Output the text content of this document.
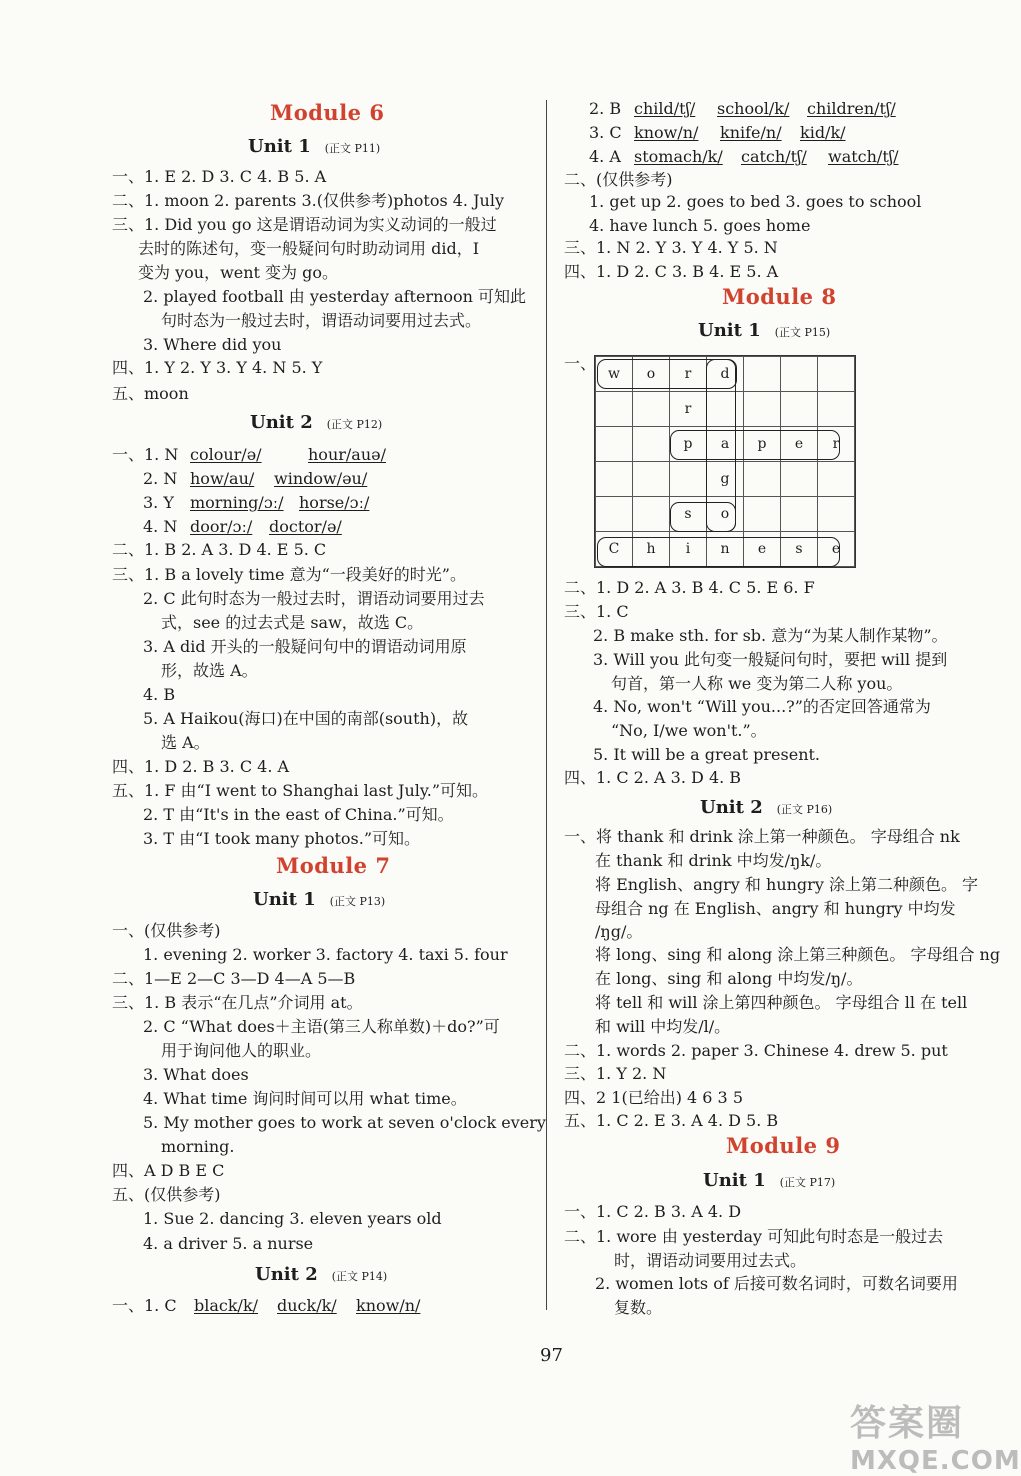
Module 6
Unit 1 (正文 P11)
一、1. E 2. D 3. C 4. B 5. A
二、1. moon 2. parents 3.(仅供参考)photos 4. July
三、1. Did you go 这是谓语动词为实义动词的一般过
去时的陈述句，变一般疑问句时助动词用 did，I
变为 you，went 变为 go。
2. played football 由 yesterday afternoon 可知此
句时态为一般过去时，谓语动词要用过去式。
3. Where did you
四、1. Y 2. Y 3. Y 4. N 5. Y
五、moon
Unit 2 (正文 P12)
一、1. N colour/ə/	hour/auə/
2. N how/au/ window/əu/
3. Y morning/ɔː/ horse/ɔː/
4. N door/ɔː/ doctor/ə/
二、1. B 2. A 3. D 4. E 5. C
三、1. B a lovely time 意为“一段美好的时光”。
2. C 此句时态为一般过去时，谓语动词要用过去
式，see 的过去式是 saw，故选 C。
3. A did 开头的一般疑问句中的谓语动词用原
形，故选 A。
4. B
5. A Haikou(海口)在中国的南部(south)，故
选 A。
四、1. D 2. B 3. C 4. A
五、1. F 由“I went to Shanghai last July.”可知。
2. T 由“It's in the east of China.”可知。
3. T 由“I took many photos.”可知。
Module 7
Unit 1 (正文 P13)
一、(仅供参考)
1. evening 2. worker 3. factory 4. taxi 5. four
二、1—E 2—C 3—D 4—A 5—B
三、1. B 表示“在几点”介词用 at。
2. C “What does＋主语(第三人称单数)＋do?”可
用于询问他人的职业。
3. What does
4. What time 询问时间可以用 what time。
5. My mother goes to work at seven o'clock every
morning.
四、A D B E C
五、(仅供参考)
1. Sue 2. dancing 3. eleven years old
4. a driver 5. a nurse
Unit 2 (正文 P14)
一、1. C black/k/ duck/k/ know/n/
2. B child/tʃ/ school/k/ children/tʃ/
3. C know/n/ knife/n/ kid/k/
4. A stomach/k/ catch/tʃ/ watch/tʃ/
二、(仅供参考)
1. get up 2. goes to bed 3. goes to school
4. have lunch 5. goes home
三、1. N 2. Y 3. Y 4. Y 5. N
四、1. D 2. C 3. B 4. E 5. A
Module 8
Unit 1 (正文 P15)
一、
w	o	r	d			
		r				
		p	a	p	e	r
			g			
		s	o			
C	h	i	n	e	s	e
二、1. D 2. A 3. B 4. C 5. E 6. F
三、1. C
2. B make sth. for sb. 意为“为某人制作某物”。
3. Will you 此句变一般疑问句时，要把 will 提到
句首，第一人称 we 变为第二人称 you。
4. No, won't “Will you...?”的否定回答通常为
“No, I/we won't.”。
5. It will be a great present.
四、1. C 2. A 3. D 4. B
Unit 2 (正文 P16)
一、将 thank 和 drink 涂上第一种颜色。 字母组合 nk
在 thank 和 drink 中均发/ŋk/。
将 English、angry 和 hungry 涂上第二种颜色。 字
母组合 ng 在 English、angry 和 hungry 中均发
/ŋg/。
将 long、sing 和 along 涂上第三种颜色。 字母组合 ng
在 long、sing 和 along 中均发/ŋ/。
将 tell 和 will 涂上第四种颜色。 字母组合 ll 在 tell
和 will 中均发/l/。
二、1. words 2. paper 3. Chinese 4. drew 5. put
三、1. Y 2. N
四、2 1(已给出) 4 6 3 5
五、1. C 2. E 3. A 4. D 5. B
Module 9
Unit 1 (正文 P17)
一、1. C 2. B 3. A 4. D
二、1. wore 由 yesterday 可知此句时态是一般过去
时，谓语动词要用过去式。
2. women lots of 后接可数名词时，可数名词要用
复数。
97
答案圈
MXQE.COM
